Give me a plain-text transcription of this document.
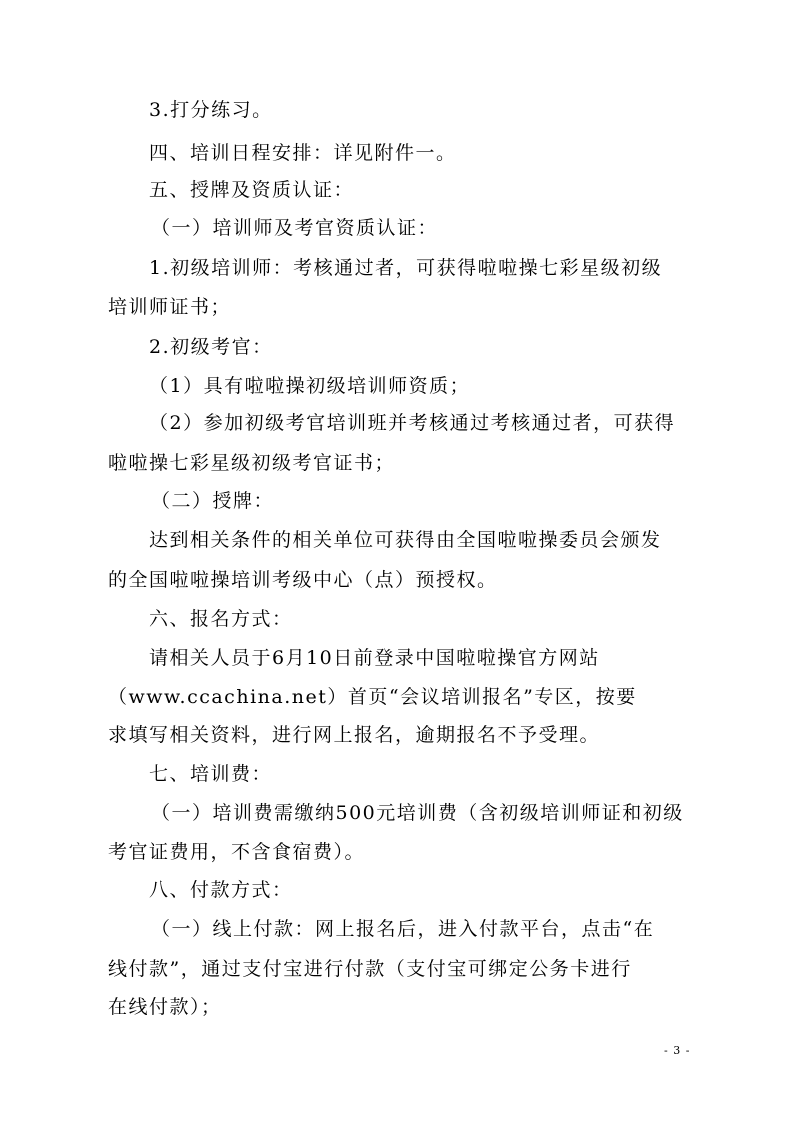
3.打分练习。
四、培训日程安排：详见附件一。
五、授牌及资质认证：
（一）培训师及考官资质认证：
1.初级培训师：考核通过者，可获得啦啦操七彩星级初级
培训师证书；
2.初级考官：
（1）具有啦啦操初级培训师资质；
（2）参加初级考官培训班并考核通过考核通过者，可获得
啦啦操七彩星级初级考官证书；
（二）授牌：
达到相关条件的相关单位可获得由全国啦啦操委员会颁发
的全国啦啦操培训考级中心（点）预授权。
六、报名方式：
请相关人员于6月10日前登录中国啦啦操官方网站
（www.ccachina.net）首页“会议培训报名”专区，按要
求填写相关资料，进行网上报名，逾期报名不予受理。
七、培训费：
（一）培训费需缴纳500元培训费（含初级培训师证和初级
考官证费用，不含食宿费）。
八、付款方式：
（一）线上付款：网上报名后，进入付款平台，点击“在
线付款”，通过支付宝进行付款（支付宝可绑定公务卡进行
在线付款）；
- 3 -
